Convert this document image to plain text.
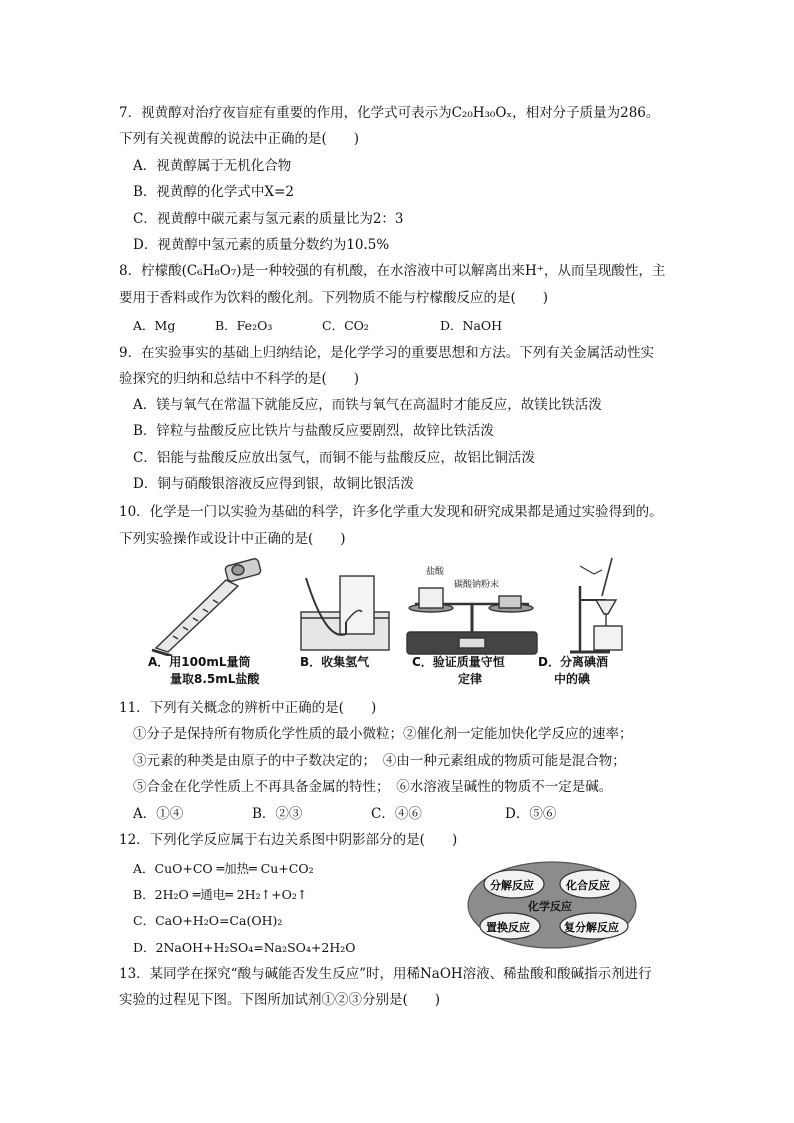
7．视黄醇对治疗夜盲症有重要的作用，化学式可表示为C₂₀H₃₀Oₓ，相对分子质量为286。
下列有关视黄醇的说法中正确的是(　　)
A．视黄醇属于无机化合物
B．视黄醇的化学式中X=2
C．视黄醇中碳元素与氢元素的质量比为2：3
D．视黄醇中氢元素的质量分数约为10.5%
8．柠檬酸(C₆H₈O₇)是一种较强的有机酸，在水溶液中可以解离出来H⁺，从而呈现酸性，主
要用于香料或作为饮料的酸化剂。下列物质不能与柠檬酸反应的是(　　)
A．Mg	B．Fe₂O₃	C．CO₂	D．NaOH
9．在实验事实的基础上归纳结论，是化学学习的重要思想和方法。下列有关金属活动性实
验探究的归纳和总结中不科学的是(　　)
A．镁与氧气在常温下就能反应，而铁与氧气在高温时才能反应，故镁比铁活泼
B．锌粒与盐酸反应比铁片与盐酸反应要剧烈，故锌比铁活泼
C．铝能与盐酸反应放出氢气，而铜不能与盐酸反应，故铝比铜活泼
D．铜与硝酸银溶液反应得到银，故铜比银活泼
10．化学是一门以实验为基础的科学，许多化学重大发现和研究成果都是通过实验得到的。
下列实验操作或设计中正确的是(　　)
A．用100mL量筒
量取8.5mL盐酸
B．收集氢气
盐酸
碳酸钠粉末
C．验证质量守恒
定律
D．分离碘酒
中的碘
11．下列有关概念的辨析中正确的是(　　)
①分子是保持所有物质化学性质的最小微粒；②催化剂一定能加快化学反应的速率；
③元素的种类是由原子的中子数决定的；　④由一种元素组成的物质可能是混合物；
⑤合金在化学性质上不再具备金属的特性；　⑥水溶液呈碱性的物质不一定是碱。
A．①④	B．②③	C．④⑥	D．⑤⑥
12．下列化学反应属于右边关系图中阴影部分的是(　　)
A．CuO+CO ═加热═ Cu+CO₂
B．2H₂O ═通电═ 2H₂↑+O₂↑
C．CaO+H₂O=Ca(OH)₂
D．2NaOH+H₂SO₄=Na₂SO₄+2H₂O
分解反应	化合反应
化学反应
置换反应	复分解反应
13．某同学在探究“酸与碱能否发生反应”时，用稀NaOH溶液、稀盐酸和酸碱指示剂进行
实验的过程见下图。下图所加试剂①②③分别是(　　)
